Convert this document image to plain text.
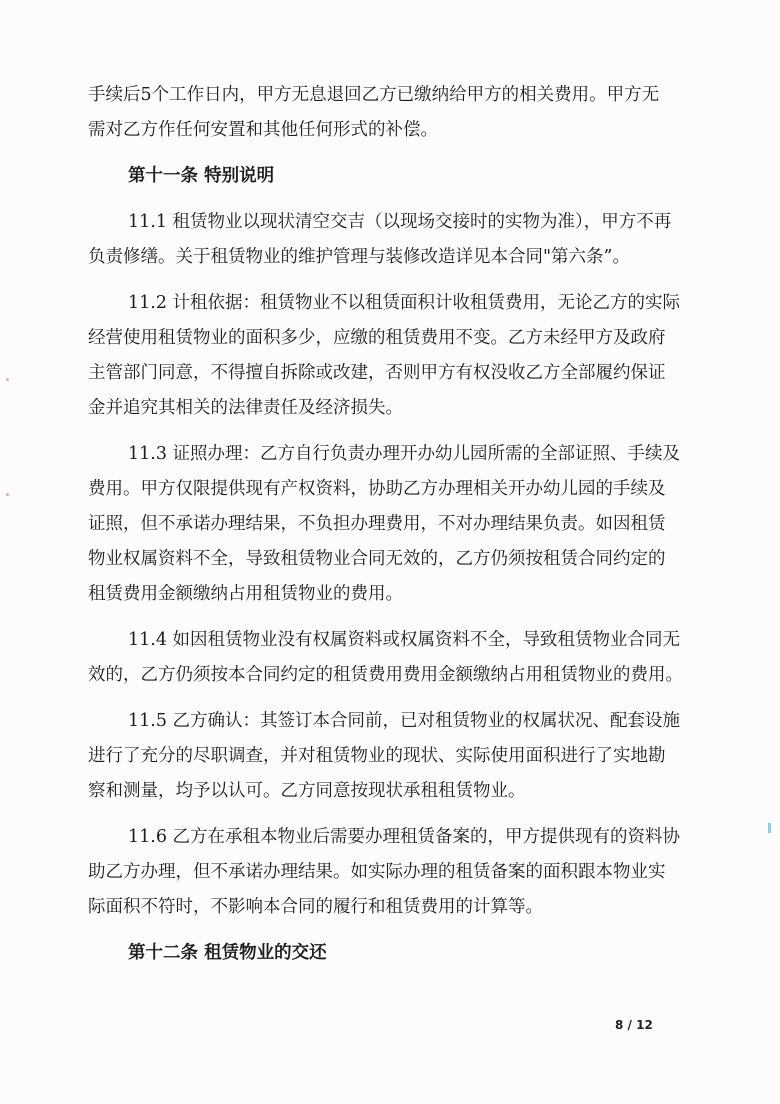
手续后5个工作日内，甲方无息退回乙方已缴纳给甲方的相关费用。甲方无
需对乙方作任何安置和其他任何形式的补偿。
第十一条 特别说明
11.1 租赁物业以现状清空交吉（以现场交接时的实物为准），甲方不再
负责修缮。关于租赁物业的维护管理与装修改造详见本合同"第六条”。
11.2 计租依据：租赁物业不以租赁面积计收租赁费用，无论乙方的实际
经营使用租赁物业的面积多少，应缴的租赁费用不变。乙方未经甲方及政府
主管部门同意，不得擅自拆除或改建，否则甲方有权没收乙方全部履约保证
金并追究其相关的法律责任及经济损失。
11.3 证照办理：乙方自行负责办理开办幼儿园所需的全部证照、手续及
费用。甲方仅限提供现有产权资料，协助乙方办理相关开办幼儿园的手续及
证照，但不承诺办理结果，不负担办理费用，不对办理结果负责。如因租赁
物业权属资料不全，导致租赁物业合同无效的，乙方仍须按租赁合同约定的
租赁费用金额缴纳占用租赁物业的费用。
11.4 如因租赁物业没有权属资料或权属资料不全，导致租赁物业合同无
效的，乙方仍须按本合同约定的租赁费用费用金额缴纳占用租赁物业的费用。
11.5 乙方确认：其签订本合同前，已对租赁物业的权属状况、配套设施
进行了充分的尽职调查，并对租赁物业的现状、实际使用面积进行了实地勘
察和测量，均予以认可。乙方同意按现状承租租赁物业。
11.6 乙方在承租本物业后需要办理租赁备案的，甲方提供现有的资料协
助乙方办理，但不承诺办理结果。如实际办理的租赁备案的面积跟本物业实
际面积不符时，不影响本合同的履行和租赁费用的计算等。
第十二条 租赁物业的交还
8 / 12
